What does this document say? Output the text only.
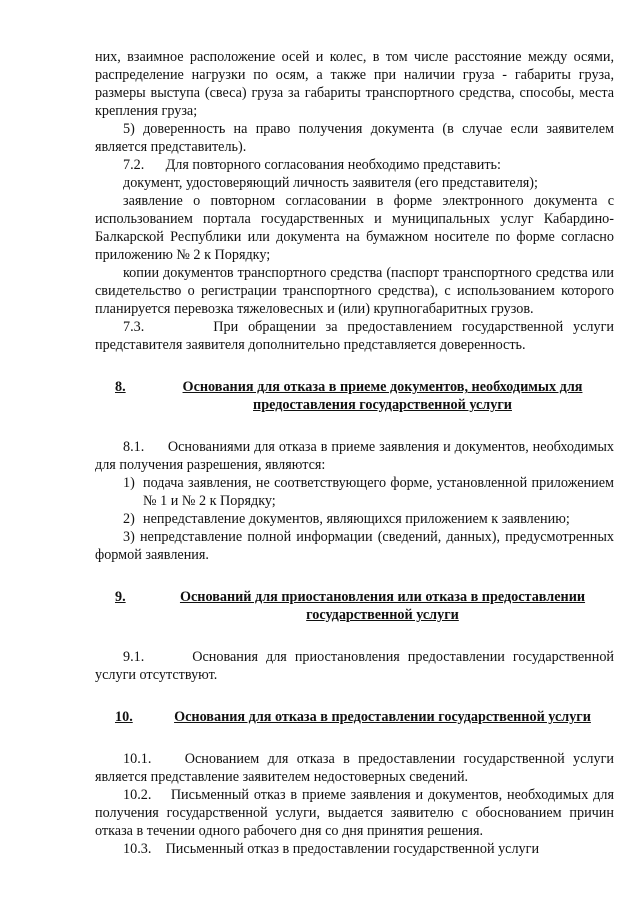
них, взаимное расположение осей и колес, в том числе расстояние между осями, распределение нагрузки по осям, а также при наличии груза - габариты груза, размеры выступа (свеса) груза за габариты транспортного средства, способы, места крепления груза;

5) доверенность на право получения документа (в случае если заявителем является представитель).

7.2. Для повторного согласования необходимо представить:

документ, удостоверяющий личность заявителя (его представителя);

заявление о повторном согласовании в форме электронного документа с использованием портала государственных и муниципальных услуг Кабардино-Балкарской Республики или документа на бумажном носителе по форме согласно приложению № 2 к Порядку;

копии документов транспортного средства (паспорт транспортного средства или свидетельство о регистрации транспортного средства), с использованием которого планируется перевозка тяжеловесных и (или) крупногабаритных грузов.

7.3.	При обращении за предоставлением государственной услуги представителя заявителя дополнительно представляется доверенность.

8.	Основания для отказа в приеме документов, необходимых для предоставления государственной услуги

8.1. Основаниями для отказа в приеме заявления и документов, необходимых для получения разрешения, являются:

1) подача заявления, не соответствующего форме, установленной приложением № 1 и № 2 к Порядку;
2) непредставление документов, являющихся приложением к заявлению;
3) непредставление полной информации (сведений, данных), предусмотренных формой заявления.
9.	Оснований для приостановления или отказа в предоставлении государственной услуги

9.1.	Основания для приостановления предоставлении государственной услуги отсутствуют.

10.	Основания для отказа в предоставлении государственной услуги

10.1. Основанием для отказа в предоставлении государственной услуги является представление заявителем недостоверных сведений.

10.2. Письменный отказ в приеме заявления и документов, необходимых для получения государственной услуги, выдается заявителю с обоснованием причин отказа в течении одного рабочего дня со дня принятия решения.

10.3. Письменный отказ в предоставлении государственной услуги
